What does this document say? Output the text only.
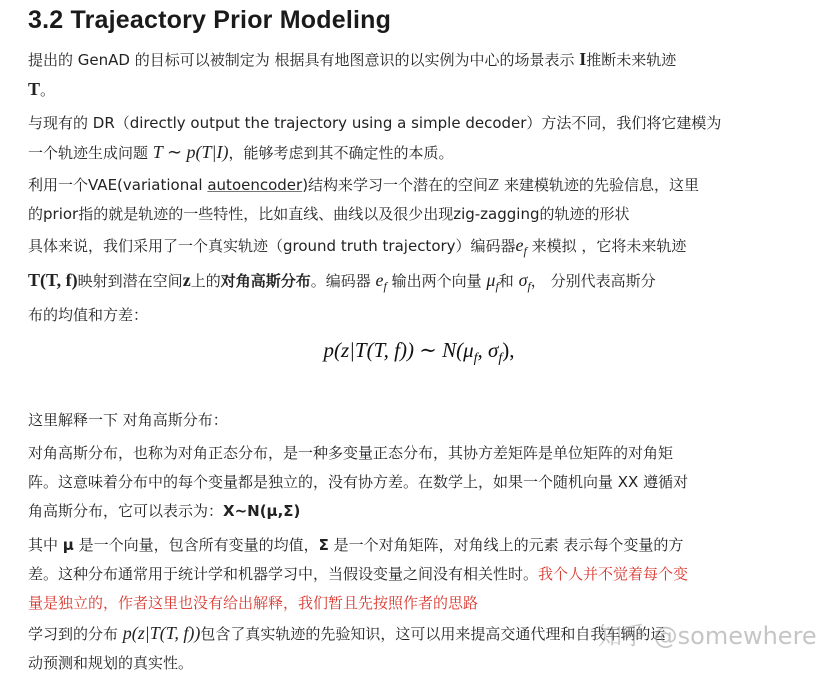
3.2 Trajeactory Prior Modeling

提出的 GenAD 的目标可以被制定为 根据具有地图意识的以实例为中心的场景表示 I推断未来轨迹
T。

与现有的 DR（directly output the trajectory using a simple decoder）方法不同，我们将它建模为
一个轨迹生成问题 T ∼ p(T|I)，能够考虑到其不确定性的本质。

利用一个VAE(variational autoencoder)结构来学习一个潜在的空间ℤ 来建模轨迹的先验信息，这里
的prior指的就是轨迹的一些特性，比如直线、曲线以及很少出现zig-zagging的轨迹的形状

具体来说，我们采用了一个真实轨迹（ground truth trajectory）编码器$e_f$ 来模拟 ，它将未来轨迹
T(T, f)映射到潜在空间z上的对角高斯分布。编码器 $e_f$ 输出两个向量 $\mu_f$和 $\sigma_f$， 分别代表高斯分
布的均值和方差：

p(z|T(T, f)) ∼ $N(\mu_f$, $\sigma_f$),

这里解释一下 对角高斯分布：

对角高斯分布，也称为对角正态分布，是一种多变量正态分布，其协方差矩阵是单位矩阵的对角矩
阵。这意味着分布中的每个变量都是独立的，没有协方差。在数学上，如果一个随机向量 XX 遵循对
角高斯分布，它可以表示为：X~N(μ,Σ)

其中 μ 是一个向量，包含所有变量的均值，Σ 是一个对角矩阵，对角线上的元素 表示每个变量的方
差。这种分布通常用于统计学和机器学习中，当假设变量之间没有相关性时。我个人并不觉着每个变
量是独立的，作者这里也没有给出解释，我们暂且先按照作者的思路

学习到的分布 p(z|T(T, f))包含了真实轨迹的先验知识，这可以用来提高交通代理和自我车辆的运
动预测和规划的真实性。

知乎 @somewhere
